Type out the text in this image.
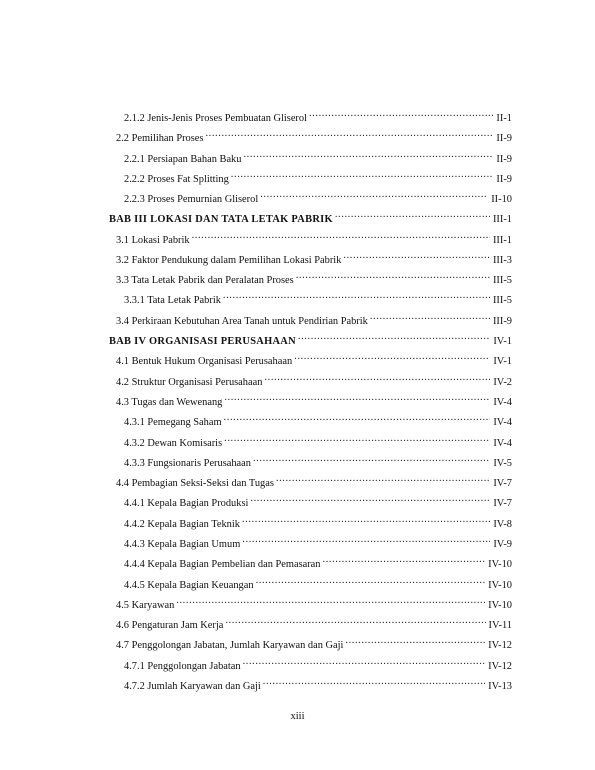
2.1.2 Jenis-Jenis Proses Pembuatan Gliserol .....	II-1
2.2 Pemilihan Proses .....	II-9
2.2.1 Persiapan Bahan Baku .....	II-9
2.2.2 Proses Fat Splitting .....	II-9
2.2.3 Proses Pemurnian Gliserol .....	II-10
BAB III LOKASI DAN TATA LETAK PABRIK .....	III-1
3.1 Lokasi Pabrik .....	III-1
3.2 Faktor Pendukung dalam Pemilihan Lokasi Pabrik .....	III-3
3.3 Tata Letak Pabrik dan Peralatan Proses .....	III-5
3.3.1 Tata Letak Pabrik .....	III-5
3.4 Perkiraan Kebutuhan Area Tanah untuk Pendirian Pabrik .....	III-9
BAB IV ORGANISASI PERUSAHAAN .....	IV-1
4.1 Bentuk Hukum Organisasi Perusahaan .....	IV-1
4.2 Struktur Organisasi Perusahaan .....	IV-2
4.3 Tugas dan Wewenang .....	IV-4
4.3.1 Pemegang Saham .....	IV-4
4.3.2 Dewan Komisaris .....	IV-4
4.3.3 Fungsionaris Perusahaan .....	IV-5
4.4 Pembagian Seksi-Seksi dan Tugas .....	IV-7
4.4.1 Kepala Bagian Produksi .....	IV-7
4.4.2 Kepala Bagian Teknik .....	IV-8
4.4.3 Kepala Bagian Umum .....	IV-9
4.4.4 Kepala Bagian Pembelian dan Pemasaran .....	IV-10
4.4.5 Kepala Bagian Keuangan .....	IV-10
4.5 Karyawan .....	IV-10
4.6 Pengaturan Jam Kerja .....	IV-11
4.7 Penggolongan Jabatan, Jumlah Karyawan dan Gaji .....	IV-12
4.7.1 Penggolongan Jabatan .....	IV-12
4.7.2 Jumlah Karyawan dan Gaji .....	IV-13
xiii
